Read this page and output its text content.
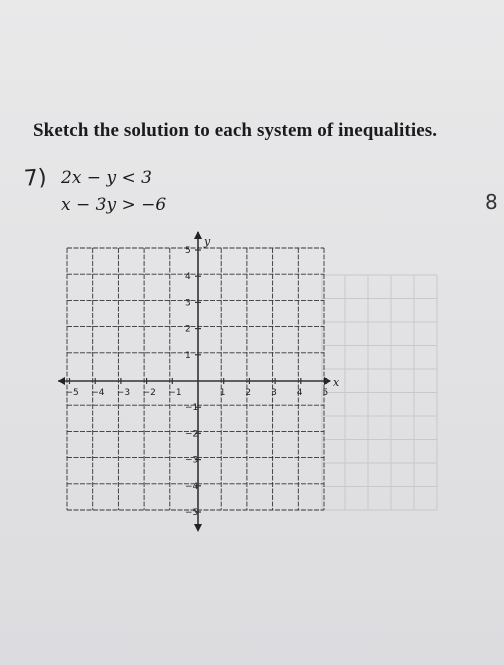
Sketch the solution to each system of inequalities.
7) 2x − y < 3
x − 3y > −6	8
−5 −4 −3 −2 −1	1 2 3 4 5
5
4
3
2
1
−1
−2
−3
−4
−5
x
y
